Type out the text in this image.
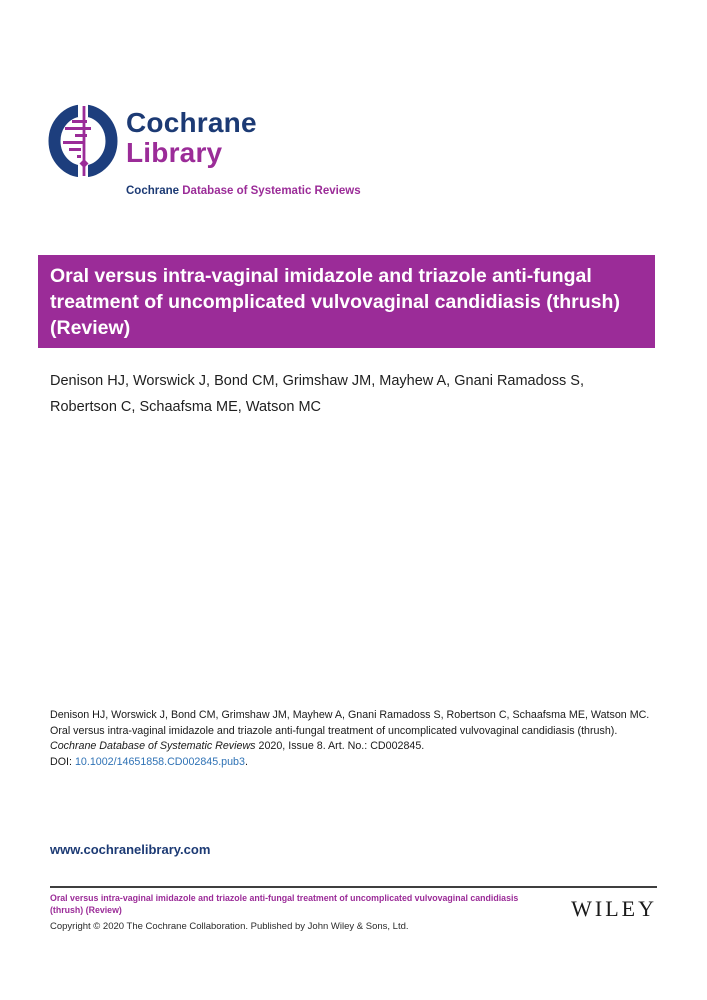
Cochrane
Library
Cochrane Database of Systematic Reviews
Oral versus intra-vaginal imidazole and triazole anti-fungal
treatment of uncomplicated vulvovaginal candidiasis (thrush)
(Review)
Denison HJ, Worswick J, Bond CM, Grimshaw JM, Mayhew A, Gnani Ramadoss S, Robertson C, Schaafsma ME, Watson MC
Denison HJ, Worswick J, Bond CM, Grimshaw JM, Mayhew A, Gnani Ramadoss S, Robertson C, Schaafsma ME, Watson MC.
Oral versus intra-vaginal imidazole and triazole anti-fungal treatment of uncomplicated vulvovaginal candidiasis (thrush).
Cochrane Database of Systematic Reviews 2020, Issue 8. Art. No.: CD002845.
DOI: 10.1002/14651858.CD002845.pub3.
www.cochranelibrary.com
Oral versus intra-vaginal imidazole and triazole anti-fungal treatment of uncomplicated vulvovaginal candidiasis (thrush) (Review)
Copyright © 2020 The Cochrane Collaboration. Published by John Wiley & Sons, Ltd.
WILEY
